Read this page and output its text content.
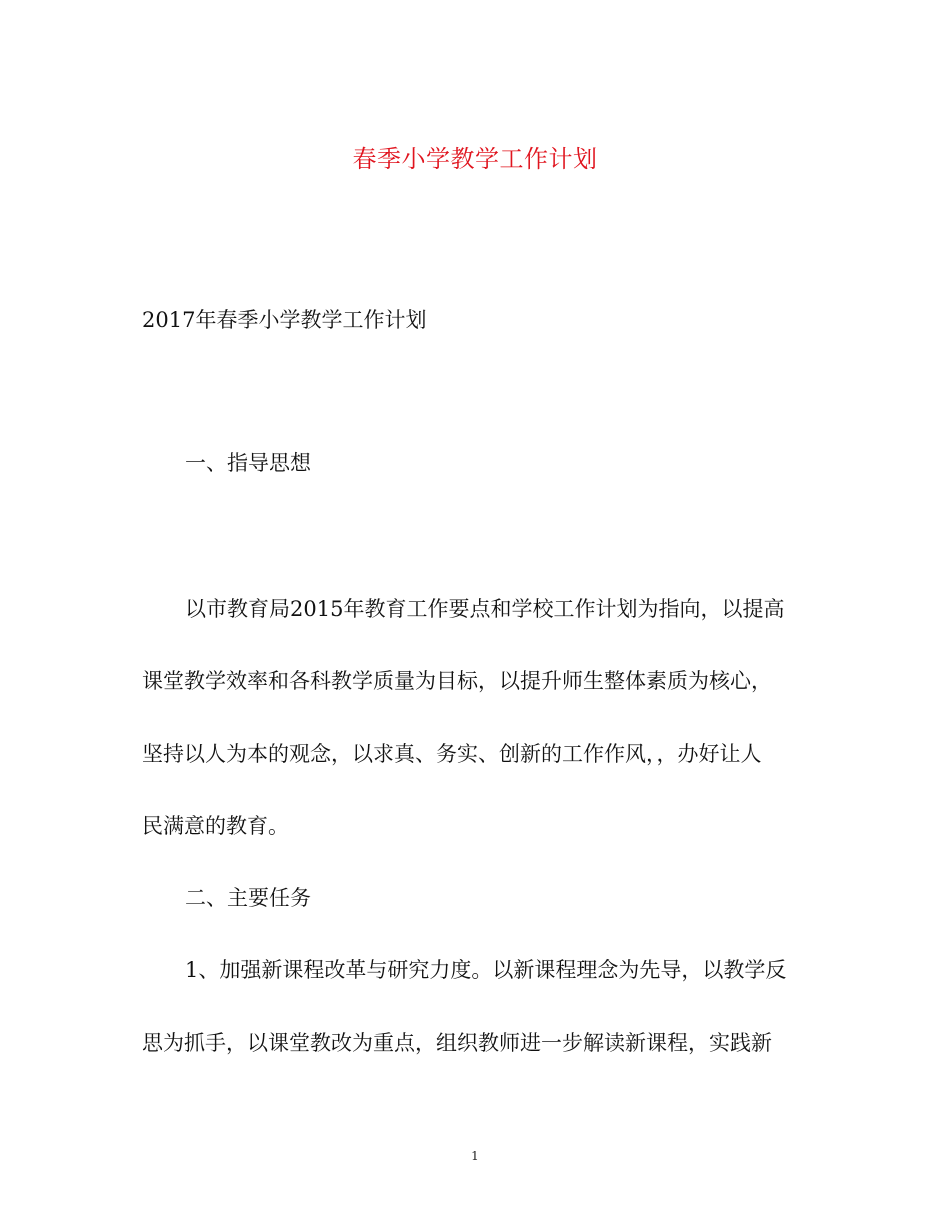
春季小学教学工作计划
2017年春季小学教学工作计划
一、指导思想
以市教育局2015年教育工作要点和学校工作计划为指向，以提高
课堂教学效率和各科教学质量为目标，以提升师生整体素质为核心，
坚持以人为本的观念，以求真、务实、创新的工作作风，，办好让人
民满意的教育。
二、主要任务
1、加强新课程改革与研究力度。以新课程理念为先导，以教学反
思为抓手，以课堂教改为重点，组织教师进一步解读新课程，实践新
1
